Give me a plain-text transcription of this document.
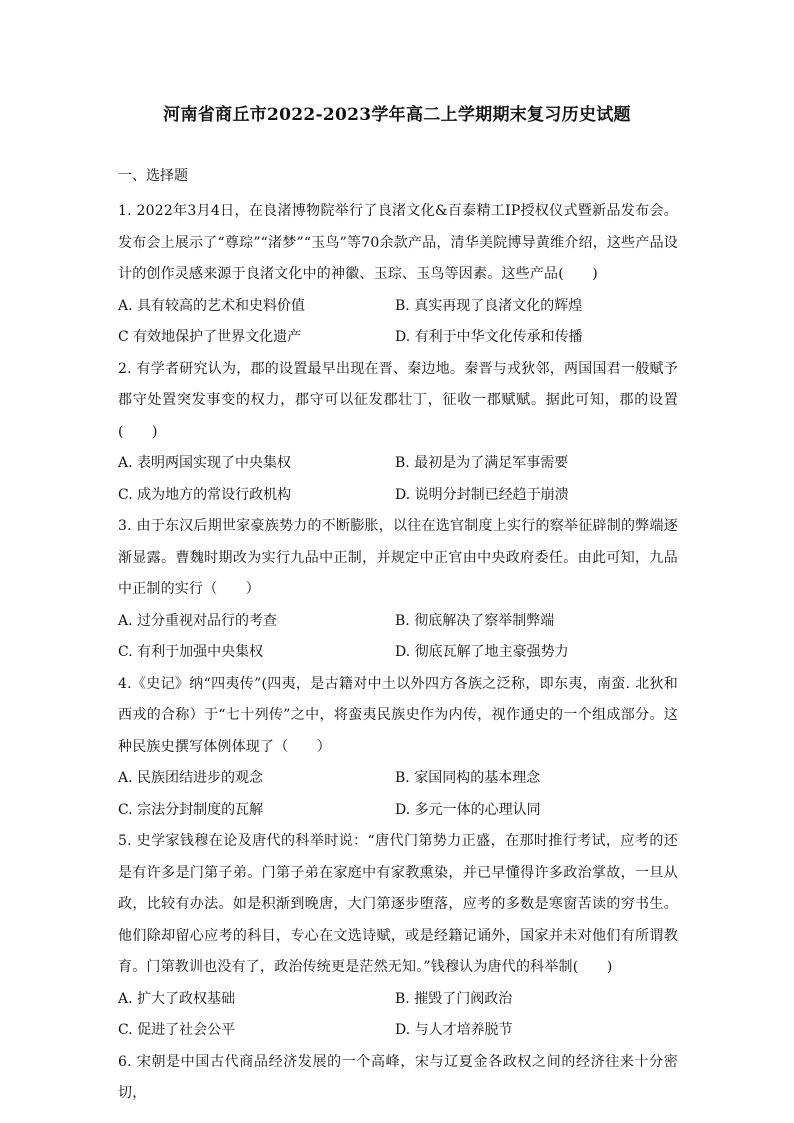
河南省商丘市2022-2023学年高二上学期期末复习历史试题

一、选择题

1. 2022年3月4日，在良渚博物院举行了良渚文化&百泰精工IP授权仪式暨新品发布会。发布会上展示了“尊琮”“渚梦”“玉鸟”等70余款产品，清华美院博导黄维介绍，这些产品设计的创作灵感来源于良渚文化中的神徽、玉琮、玉鸟等因素。这些产品(　　)

A. 具有较高的艺术和史料价值	B. 真实再现了良渚文化的辉煌
C 有效地保护了世界文化遗产	D. 有利于中华文化传承和传播

2. 有学者研究认为，郡的设置最早出现在晋、秦边地。秦晋与戎狄邻，两国国君一般赋予郡守处置突发事变的权力，郡守可以征发郡壮丁，征收一郡赋赋。据此可知，郡的设置(　　)

A. 表明两国实现了中央集权	B. 最初是为了满足军事需要
C. 成为地方的常设行政机构	D. 说明分封制已经趋于崩溃

3. 由于东汉后期世家豪族势力的不断膨胀，以往在选官制度上实行的察举征辟制的弊端逐渐显露。曹魏时期改为实行九品中正制，并规定中正官由中央政府委任。由此可知，九品中正制的实行（　　）

A. 过分重视对品行的考查	B. 彻底解决了察举制弊端
C. 有利于加强中央集权	D. 彻底瓦解了地主豪强势力

4.《史记》纳“四夷传”(四夷，是古籍对中土以外四方各族之泛称，即东夷，南蛮. 北狄和西戎的合称）于“七十列传”之中，将蛮夷民族史作为内传，视作通史的一个组成部分。这种民族史撰写体例体现了（　　）

A. 民族团结进步的观念	B. 家国同构的基本理念
C. 宗法分封制度的瓦解	D. 多元一体的心理认同

5. 史学家钱穆在论及唐代的科举时说：“唐代门第势力正盛，在那时推行考试，应考的还是有许多是门第子弟。门第子弟在家庭中有家教熏染，并已早懂得许多政治掌故，一旦从政，比较有办法。如是积渐到晚唐，大门第逐步堕落，应考的多数是寒窗苦读的穷书生。他们除却留心应考的科目，专心在文选诗赋，或是经籍记诵外，国家并未对他们有所谓教育。门第教训也没有了，政治传统更是茫然无知。”钱穆认为唐代的科举制(　　)

A. 扩大了政权基础	B. 摧毁了门阀政治
C. 促进了社会公平	D. 与人才培养脱节

6. 宋朝是中国古代商品经济发展的一个高峰，宋与辽夏金各政权之间的经济往来十分密切，
